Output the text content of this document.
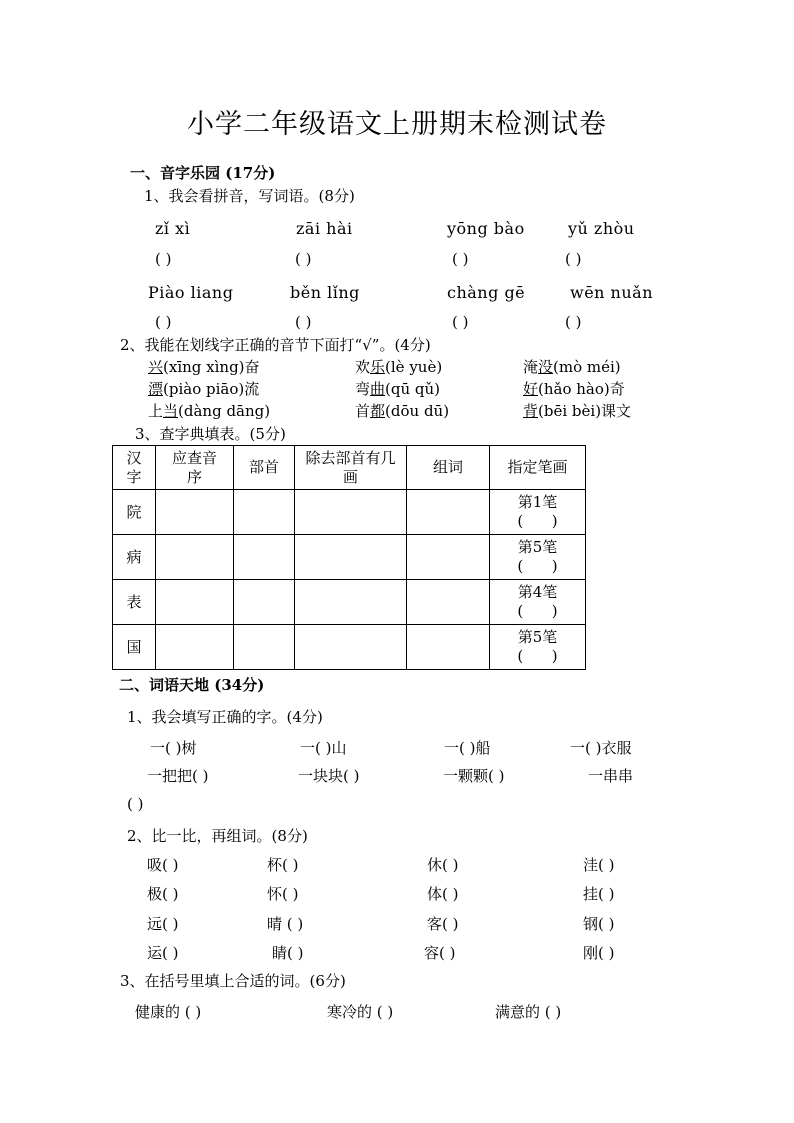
小学二年级语文上册期末检测试卷
一、音字乐园 (17分)
1、我会看拼音，写词语。(8分)
zǐ xì	zāi hài	yōng bào	yǔ zhòu
( )	( )	( )	( )
Piào liang	běn lǐng	chàng gē	wēn nuǎn
( )	( )	( )	( )
2、我能在划线字正确的音节下面打“√”。(4分)
兴(xīng xìng)奋	欢乐(lè yuè)	淹没(mò méi)
漂(piào piāo)流	弯曲(qū qǔ)	好(hǎo hào)奇
上当(dàng dāng)	首都(dōu dū)	背(bēi bèi)课文
3、查字典填表。(5分)
汉字	应查音序	部首	除去部首有几画	组词	指定笔画
院					第1笔
(      )

病					第5笔
(      )

表					第4笔
(      )

国					第5笔
(      )
二、词语天地 (34分)
1、我会填写正确的字。(4分)
一( )树	一( )山	一( )船	一( )衣服
一把把( )	一块块( )	一颗颗( )	一串串
( )
2、比一比，再组词。(8分)
吸( )	杯( )	休( )	洼( )
极( )	怀( )	体( )	挂( )
远( )	晴 ( )	客( )	钢( )
运( )	睛( )	容( )	刚( )
3、在括号里填上合适的词。(6分)
健康的 ( )	寒冷的 ( )	满意的 ( )
